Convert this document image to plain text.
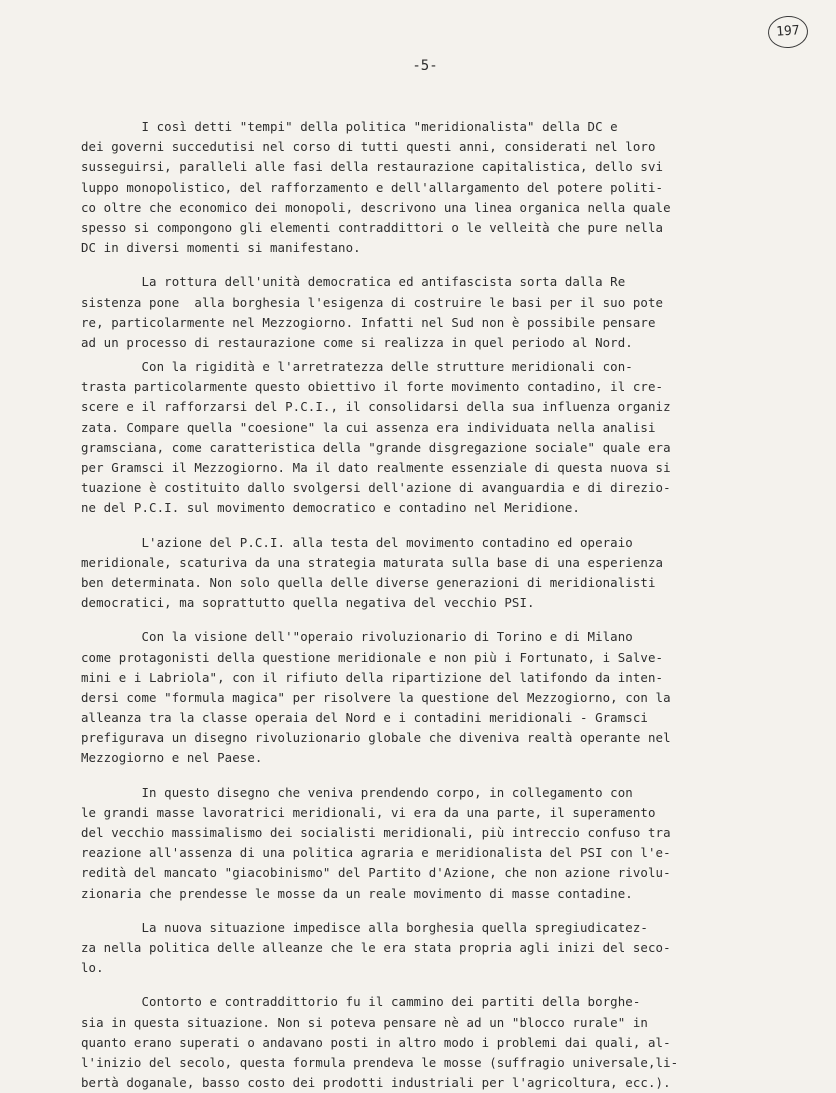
197
-5-
I così detti "tempi" della politica "meridionalista" della DC e
dei governi succedutisi nel corso di tutti questi anni, considerati nel loro
susseguirsi, paralleli alle fasi della restaurazione capitalistica, dello svi
luppo monopolistico, del rafforzamento e dell'allargamento del potere politi-
co oltre che economico dei monopoli, descrivono una linea organica nella quale
spesso si compongono gli elementi contraddittori o le velleità che pure nella
DC in diversi momenti si manifestano.
La rottura dell'unità democratica ed antifascista sorta dalla Re
sistenza pone  alla borghesia l'esigenza di costruire le basi per il suo pote
re, particolarmente nel Mezzogiorno. Infatti nel Sud non è possibile pensare
ad un processo di restaurazione come si realizza in quel periodo al Nord.
Con la rigidità e l'arretratezza delle strutture meridionali con-
trasta particolarmente questo obiettivo il forte movimento contadino, il cre-
scere e il rafforzarsi del P.C.I., il consolidarsi della sua influenza organiz
zata. Compare quella "coesione" la cui assenza era individuata nella analisi
gramsciana, come caratteristica della "grande disgregazione sociale" quale era
per Gramsci il Mezzogiorno. Ma il dato realmente essenziale di questa nuova si
tuazione è costituito dallo svolgersi dell'azione di avanguardia e di direzio-
ne del P.C.I. sul movimento democratico e contadino nel Meridione.
L'azione del P.C.I. alla testa del movimento contadino ed operaio
meridionale, scaturiva da una strategia maturata sulla base di una esperienza
ben determinata. Non solo quella delle diverse generazioni di meridionalisti
democratici, ma soprattutto quella negativa del vecchio PSI.
Con la visione dell'"operaio rivoluzionario di Torino e di Milano
come protagonisti della questione meridionale e non più i Fortunato, i Salve-
mini e i Labriola", con il rifiuto della ripartizione del latifondo da inten-
dersi come "formula magica" per risolvere la questione del Mezzogiorno, con la
alleanza tra la classe operaia del Nord e i contadini meridionali - Gramsci
prefigurava un disegno rivoluzionario globale che diveniva realtà operante nel
Mezzogiorno e nel Paese.
In questo disegno che veniva prendendo corpo, in collegamento con
le grandi masse lavoratrici meridionali, vi era da una parte, il superamento
del vecchio massimalismo dei socialisti meridionali, più intreccio confuso tra
reazione all'assenza di una politica agraria e meridionalista del PSI con l'e-
redità del mancato "giacobinismo" del Partito d'Azione, che non azione rivolu-
zionaria che prendesse le mosse da un reale movimento di masse contadine.
La nuova situazione impedisce alla borghesia quella spregiudicatez-
za nella politica delle alleanze che le era stata propria agli inizi del seco-
lo.
Contorto e contraddittorio fu il cammino dei partiti della borghe-
sia in questa situazione. Non si poteva pensare nè ad un "blocco rurale" in
quanto erano superati o andavano posti in altro modo i problemi dai quali, al-
l'inizio del secolo, questa formula prendeva le mosse (suffragio universale,li-
bertà doganale, basso costo dei prodotti industriali per l'agricoltura, ecc.).
